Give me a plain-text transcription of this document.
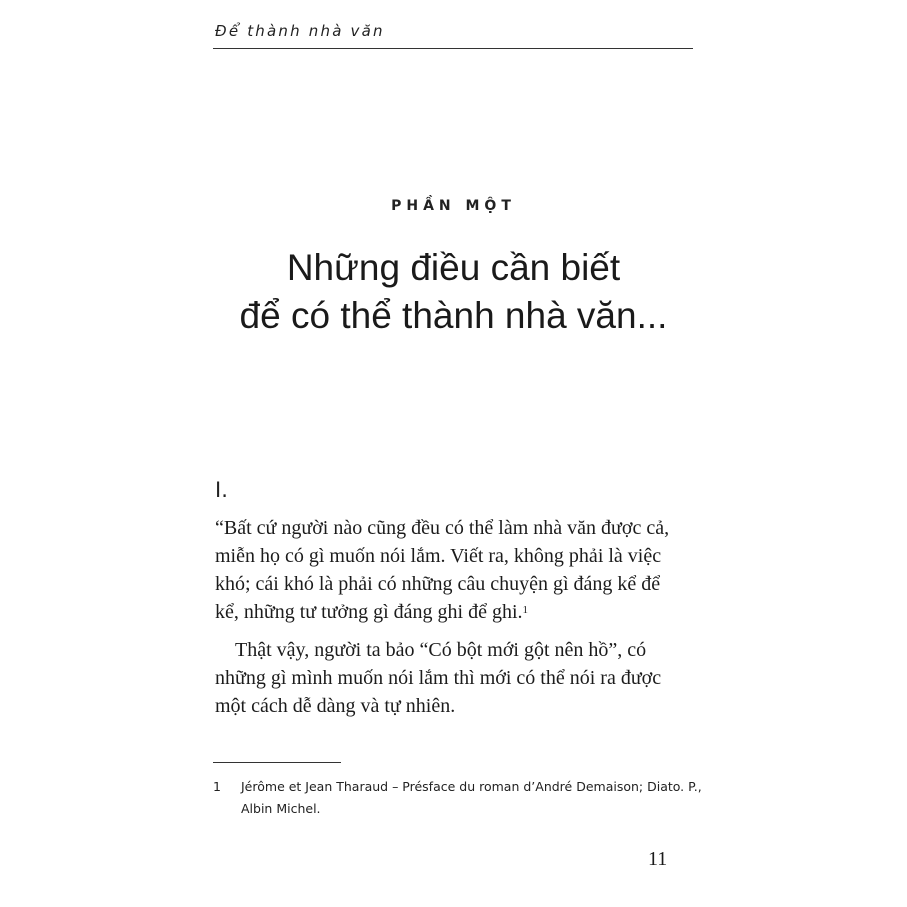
Để thành nhà văn
PHẦN MỘT
Những điều cần biết
để có thể thành nhà văn...
I.

“Bất cứ người nào cũng đều có thể làm nhà văn được cả,

miễn họ có gì muốn nói lắm. Viết ra, không phải là việc

khó; cái khó là phải có những câu chuyện gì đáng kể để

kể, những tư tưởng gì đáng ghi để ghi.$^1$

Thật vậy, người ta bảo “Có bột mới gột nên hồ”, có

những gì mình muốn nói lắm thì mới có thể nói ra được

một cách dễ dàng và tự nhiên.

1 Jérôme et Jean Tharaud – Présface du roman d’André Demaison; Diato. P.,
Albin Michel.
11
